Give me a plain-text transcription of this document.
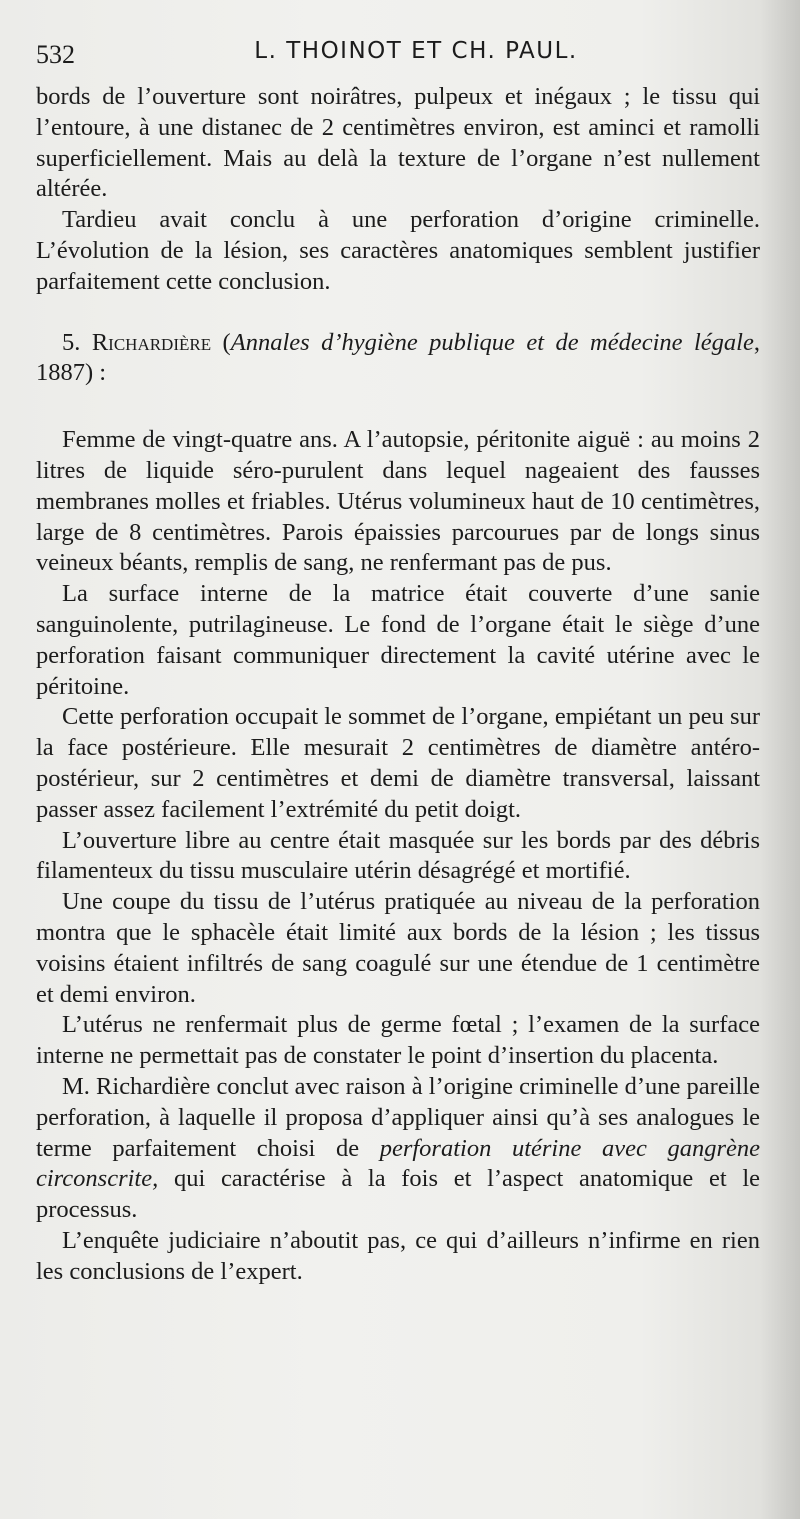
532	L. THOINOT ET CH. PAUL.

bords de l’ouverture sont noirâtres, pulpeux et inégaux ; le tissu qui l’entoure, à une distanec de 2 centimètres environ, est aminci et ramolli superficiellement. Mais au delà la texture de l’organe n’est nullement altérée.

Tardieu avait conclu à une perforation d’origine criminelle. L’évolution de la lésion, ses caractères anatomiques semblent justifier parfaitement cette conclusion.

5. Richardière (Annales d’hygiène publique et de médecine légale, 1887) :

Femme de vingt-quatre ans. A l’autopsie, péritonite aiguë : au moins 2 litres de liquide séro-purulent dans lequel nageaient des fausses membranes molles et friables. Utérus volumineux haut de 10 centimètres, large de 8 centimètres. Parois épaissies parcourues par de longs sinus veineux béants, remplis de sang, ne renfermant pas de pus.

La surface interne de la matrice était couverte d’une sanie sanguinolente, putrilagineuse. Le fond de l’organe était le siège d’une perforation faisant communiquer directement la cavité utérine avec le péritoine.

Cette perforation occupait le sommet de l’organe, empiétant un peu sur la face postérieure. Elle mesurait 2 centimètres de diamètre antéro-postérieur, sur 2 centimètres et demi de diamètre transversal, laissant passer assez facilement l’extrémité du petit doigt.

L’ouverture libre au centre était masquée sur les bords par des débris filamenteux du tissu musculaire utérin désagrégé et mortifié.

Une coupe du tissu de l’utérus pratiquée au niveau de la perforation montra que le sphacèle était limité aux bords de la lésion ; les tissus voisins étaient infiltrés de sang coagulé sur une étendue de 1 centimètre et demi environ.

L’utérus ne renfermait plus de germe fœtal ; l’examen de la surface interne ne permettait pas de constater le point d’insertion du placenta.

M. Richardière conclut avec raison à l’origine criminelle d’une pareille perforation, à laquelle il proposa d’appliquer ainsi qu’à ses analogues le terme parfaitement choisi de perforation utérine avec gangrène circonscrite, qui caractérise à la fois et l’aspect anatomique et le processus.

L’enquête judiciaire n’aboutit pas, ce qui d’ailleurs n’infirme en rien les conclusions de l’expert.
